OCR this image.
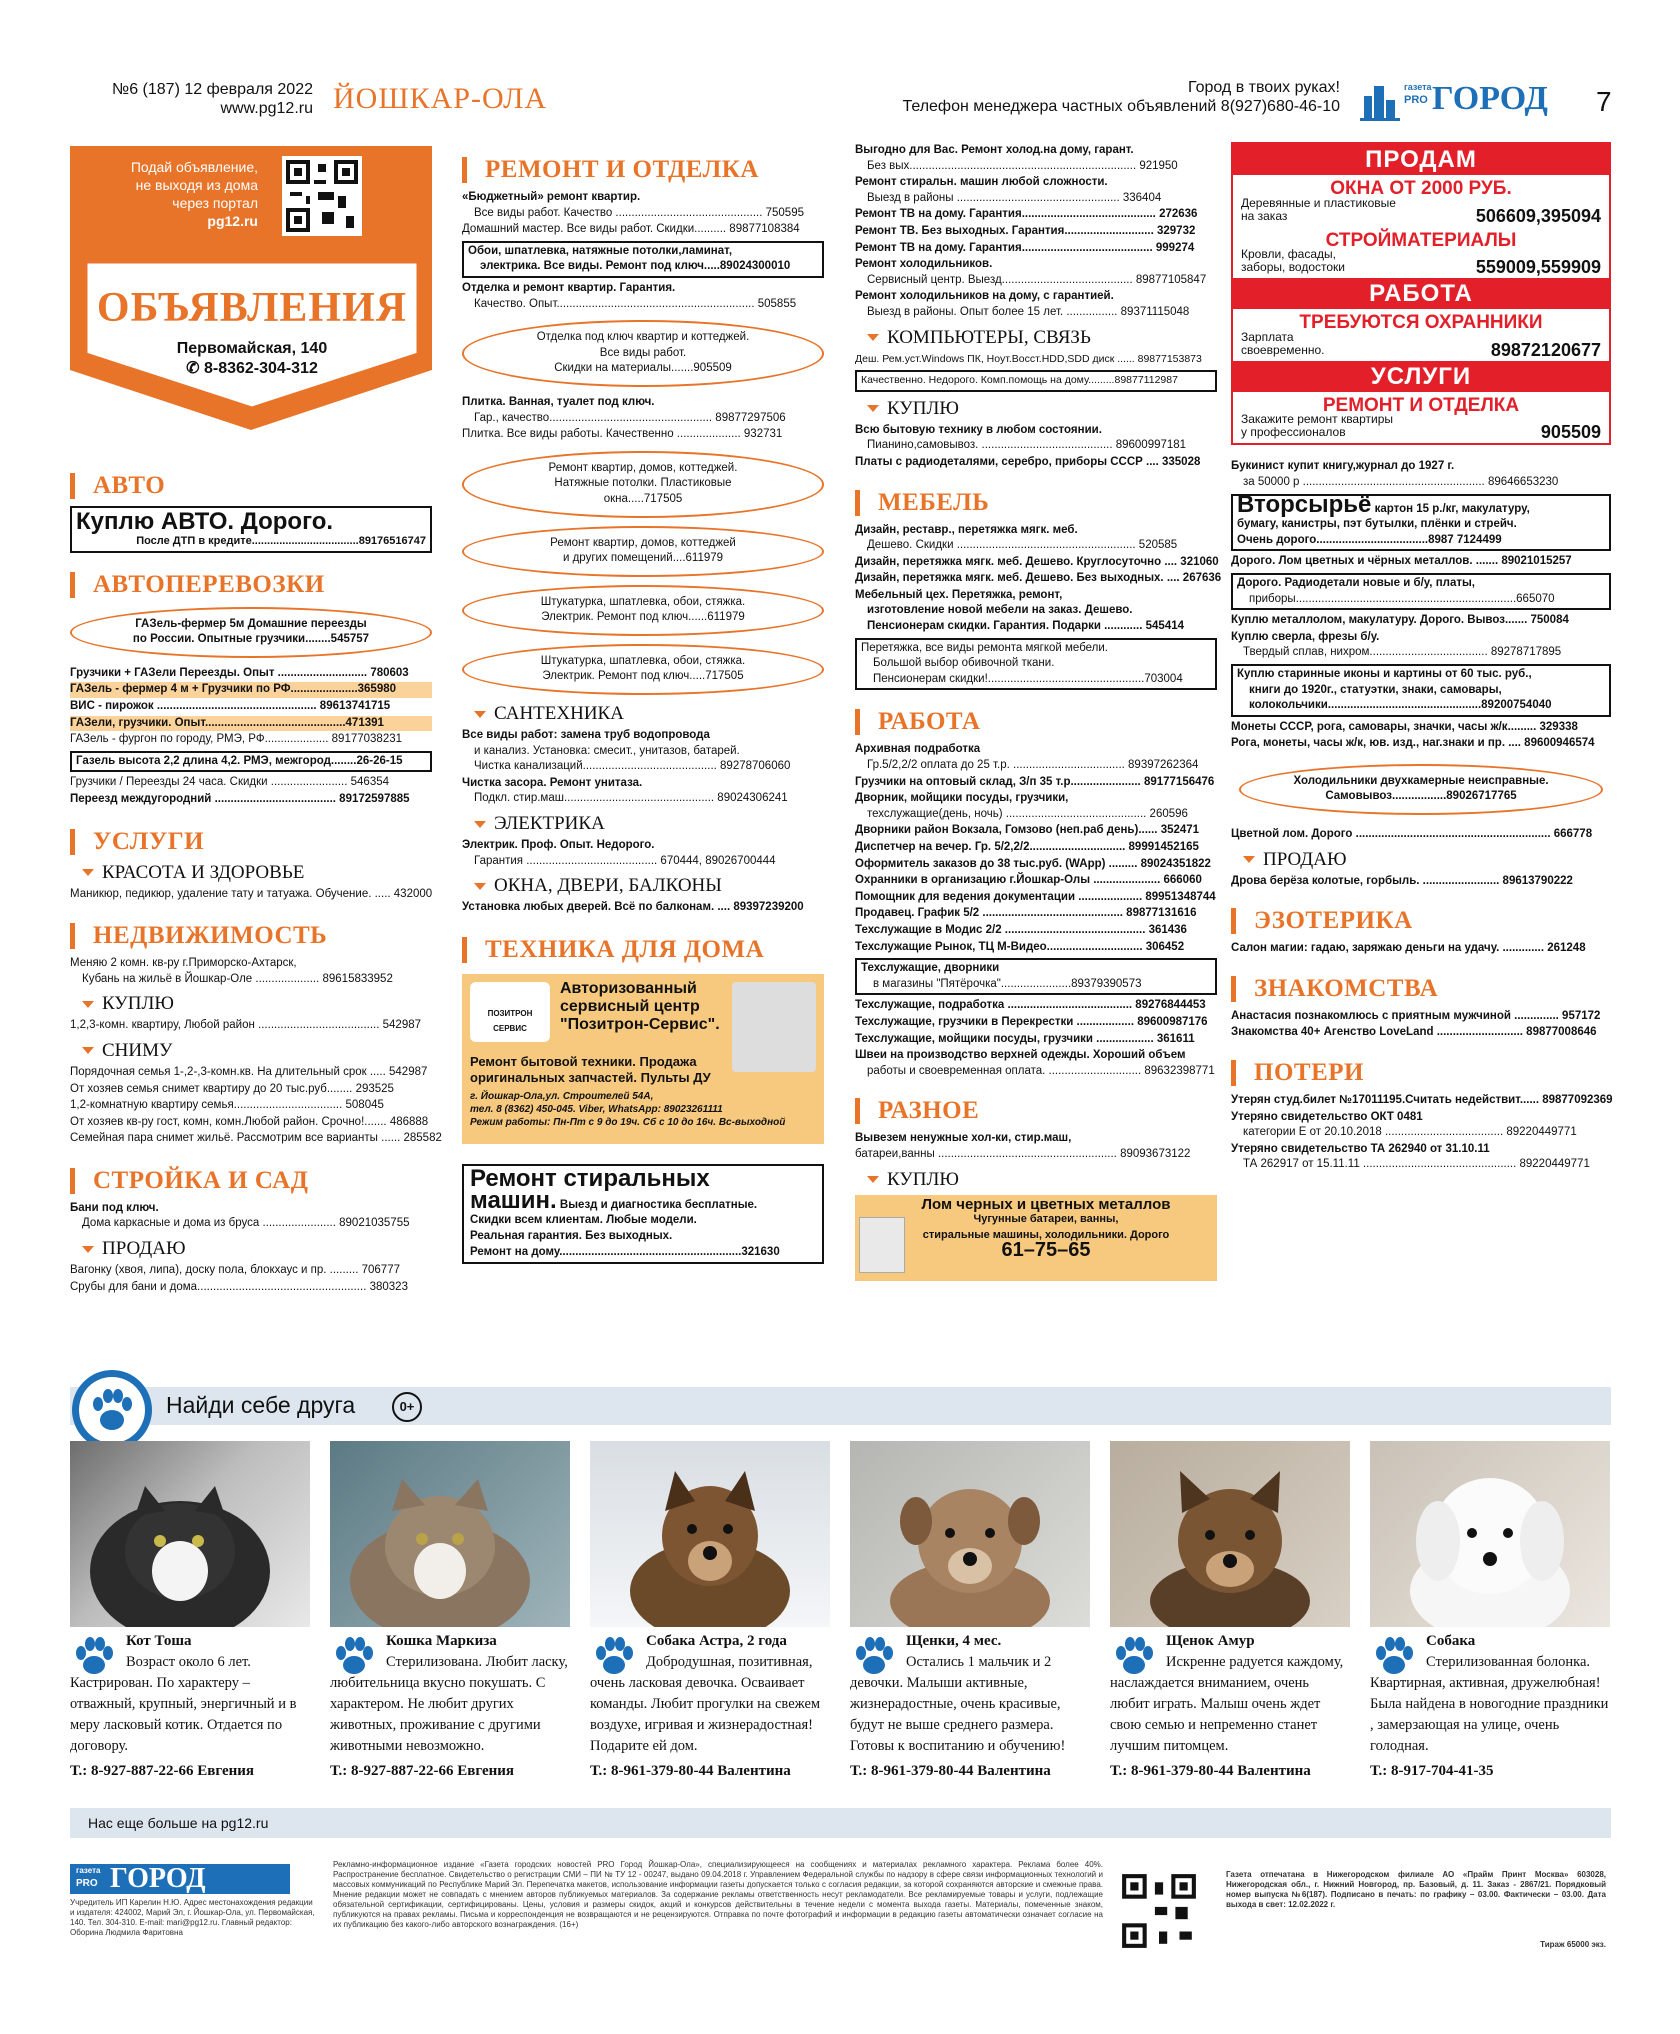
№6 (187) 12 февраля 2022
www.pg12.ru ЙОШКАР-ОЛА	Город в твоих руках!
Телефон менеджера частных объявлений 8(927)680-46-10
газета
PRO ГОРОД 7
Подай объявление,
не выходя из дома
через портал
pg12.ru
ОБЪЯВЛЕНИЯ
Первомайская, 140
✆ 8-8362-304-312
АВТО
Куплю АВТО. Дорого.
После ДТП в кредите...................................89176516747
АВТОПЕРЕВОЗКИ
ГАЗель-фермер 5м Домашние переезды
по России. Опытные грузчики........545757
Грузчики + ГАЗели Переезды. Опыт ............................ 780603
ГАЗель - фермер 4 м + Грузчики по РФ.....................365980
ВИС - пирожок .................................................. 89613741715
ГАЗели, грузчики. Опыт............................................471391
ГАЗель - фургон по городу, РМЭ, РФ.................... 89177038231
Газель высота 2,2 длина 4,2. РМЭ, межгород........26-26-15
Грузчики / Переезды 24 часа. Скидки ........................ 546354
Переезд междугородний ...................................... 89172597885
УСЛУГИ
КРАСОТА И ЗДОРОВЬЕ
Маникюр, педикюр, удаление тату и татуажа. Обучение. ..... 432000
НЕДВИЖИМОСТЬ
Меняю 2 комн. кв-ру г.Приморско-Ахтарск,
Кубань на жильё в Йошкар-Оле .................... 89615833952
КУПЛЮ
1,2,3-комн. квартиру, Любой район ...................................... 542987
СНИМУ
Порядочная семья 1-,2-,3-комн.кв. На длительный срок ..... 542987
От хозяев семья снимет квартиру до 20 тыс.руб........ 293525
1,2-комнатную квартиру семья.................................. 508045
От хозяев кв-ру гост, комн, комн.Любой район. Срочно!....... 486888
Семейная пара снимет жильё. Рассмотрим все варианты ...... 285582
СТРОЙКА И САД
Бани под ключ.
Дома каркасные и дома из бруса ....................... 89021035755
ПРОДАЮ
Вагонку (хвоя, липа), доску пола, блокхаус и пр. ......... 706777
Срубы для бани и дома..................................................... 380323
РЕМОНТ И ОТДЕЛКА
«Бюджетный» ремонт квартир.
Все виды работ. Качество .............................................. 750595
Домашний мастер. Все виды работ. Скидки.......... 89877108384
Обои, шпатлевка, натяжные потолки,ламинат,
электрика. Все виды. Ремонт под ключ.....89024300010
Отделка и ремонт квартир. Гарантия.
Качество. Опыт.............................................................. 505855
Отделка под ключ квартир и коттеджей.
Все виды работ.
Скидки на материалы.......905509
Плитка. Ванная, туалет под ключ.
Гар., качество................................................... 89877297506
Плитка. Все виды работы. Качественно .................... 932731
Ремонт квартир, домов, коттеджей.
Натяжные потолки. Пластиковые
окна.....717505
Ремонт квартир, домов, коттеджей
и других помещений....611979
Штукатурка, шпатлевка, обои, стяжка.
Электрик. Ремонт под ключ......611979
Штукатурка, шпатлевка, обои, стяжка.
Электрик. Ремонт под ключ.....717505
САНТЕХНИКА
Все виды работ: замена труб водопровода
и канализ. Установка: смесит., унитазов, батарей.
Чистка канализаций.......................................... 89278706060
Чистка засора. Ремонт унитаза.
Подкл. стир.маш............................................... 89024306241
ЭЛЕКТРИКА
Электрик. Проф. Опыт. Недорого.
Гарантия ......................................... 670444, 89026700444
ОКНА, ДВЕРИ, БАЛКОНЫ
Установка любых дверей. Всё по балконам. .... 89397239200
ТЕХНИКА ДЛЯ ДОМА
ПОЗИТРОН СЕРВИС
Авторизованный
сервисный центр
"Позитрон-Сервис".
Ремонт бытовой техники. Продажа
оригинальных запчастей. Пульты ДУ
г. Йошкар-Ола,ул. Строителей 54А,
тел. 8 (8362) 450-045. Viber, WhatsApp: 89023261111
Режим работы: Пн-Пт с 9 до 19ч. Сб с 10 до 16ч. Вс-выходной
Ремонт стиральных
машин. Выезд и диагностика бесплатные.
Скидки всем клиентам. Любые модели.
Реальная гарантия. Без выходных.
Ремонт на дому.........................................................321630
Выгодно для Вас. Ремонт холод.на дому, гарант.
Без вых....................................................................... 921950
Ремонт стиральн. машин любой сложности.
Выезд в районы ................................................... 336404
Ремонт ТВ на дому. Гарантия.......................................... 272636
Ремонт ТВ. Без выходных. Гарантия............................ 329732
Ремонт ТВ на дому. Гарантия......................................... 999274
Ремонт холодильников.
Сервисный центр. Выезд......................................... 89877105847
Ремонт холодильников на дому, с гарантией.
Выезд в районы. Опыт более 15 лет. ................ 89371115048
КОМПЬЮТЕРЫ, СВЯЗЬ
Деш. Рем.уст.Windows ПК, Ноут.Восст.HDD,SDD диск ...... 89877153873
Качественно. Недорого. Комп.помощь на дому.........89877112987
КУПЛЮ
Всю бытовую технику в любом состоянии.
Пианино,самовывоз. ......................................... 89600997181
Платы с радиодеталями, серебро, приборы СССР .... 335028
МЕБЕЛЬ
Дизайн, реставр., перетяжка мягк. меб.
Дешево. Скидки ........................................................ 520585
Дизайн, перетяжка мягк. меб. Дешево. Круглосуточно .... 321060
Дизайн, перетяжка мягк. меб. Дешево. Без выходных. .... 267636
Мебельный цех. Перетяжка, ремонт,
изготовление новой мебели на заказ. Дешево.
Пенсионерам скидки. Гарантия. Подарки ............ 545414
Перетяжка, все виды ремонта мягкой мебели.
Большой выбор обивочной ткани.
Пенсионерам скидки!.................................................703004
РАБОТА
Архивная подработка
Гр.5/2,2/2 оплата до 25 т.р. ................................... 89397262364
Грузчики на оптовый склад, З/п 35 т.р...................... 89177156476
Дворник, мойщики посуды, грузчики,
техслужащие(день, ночь) ............................................ 260596
Дворники район Вокзала, Гомзово (неп.раб день)...... 352471
Диспетчер на вечер. Гр. 5/2,2/2.............................. 89991452165
Оформитель заказов до 38 тыс.руб. (WApp) ......... 89024351822
Охранники в организацию г.Йошкар-Олы ..................... 666060
Помощник для ведения документации .................... 89951348744
Продавец. График 5/2 ............................................ 89877131616
Техслужащие в Модис 2/2 ............................................ 361436
Техслужащие Рынок, ТЦ М-Видео.............................. 306452
Техслужащие, дворники
в магазины "Пятёрочка"......................89379390573
Техслужащие, подработка ....................................... 89276844453
Техслужащие, грузчики в Перекрестки .................. 89600987176
Техслужащие, мойщики посуды, грузчики .................. 361611
Швеи на производство верхней одежды. Хороший объем
работы и своевременная оплата. ............................. 89632398771
РАЗНОЕ
Вывезем ненужные хол-ки, стир.маш,
батареи,ванны ........................................................ 89093673122
КУПЛЮ
Лом черных и цветных металлов
Чугунные батареи, ванны,
стиральные машины, холодильники. Дорого
61–75–65
ПРОДАМ
ОКНА ОТ 2000 РУБ.
Деревянные и пластиковые
на заказ	506609,395094
СТРОЙМАТЕРИАЛЫ
Кровли, фасады,
заборы, водостоки	559009,559909
РАБОТА
ТРЕБУЮТСЯ ОХРАННИКИ
Зарплата
своевременно.	89872120677
УСЛУГИ
РЕМОНТ И ОТДЕЛКА
Закажите ремонт квартиры
у профессионалов	905509
Букинист купит книгу,журнал до 1927 г.
за 50000 р ......................................................... 89646653230
Вторсырьё картон 15 р./кг, макулатуру,
бумагу, канистры, пэт бутылки, плёнки и стрейч.
Очень дорого...................................8987 7124499
Дорого. Лом цветных и чёрных металлов. ....... 89021015257
Дорого. Радиодетали новые и б/у, платы,
приборы.....................................................................665070
Куплю металлолом, макулатуру. Дорого. Вывоз....... 750084
Куплю сверла, фрезы б/у.
Твердый сплав, нихром..................................... 89278717895
Куплю старинные иконы и картины от 60 тыс. руб.,
книги до 1920г., статуэтки, знаки, самовары,
колокольчики................................................89200754040
Монеты СССР, рога, самовары, значки, часы ж/к......... 329338
Рога, монеты, часы ж/к, юв. изд., наг.знаки и пр. .... 89600946574
Холодильники двухкамерные неисправные.
Самовывоз.................89026717765
Цветной лом. Дорого ............................................................. 666778
ПРОДАЮ
Дрова берёза колотые, горбыль. ........................ 89613790222
ЭЗОТЕРИКА
Салон магии: гадаю, заряжаю деньги на удачу. ............. 261248
ЗНАКОМСТВА
Анастасия познакомлюсь с приятным мужчиной .............. 957172
Знакомства 40+ Агенство LoveLand ........................... 89877008646
ПОТЕРИ
Утерян студ.билет №17011195.Считать недействит...... 89877092369
Утеряно свидетельство ОКТ 0481
категории Е от 20.10.2018 ..................................... 89220449771
Утеряно свидетельство ТА 262940 от 31.10.11
ТА 262917 от 15.11.11 ................................................ 89220449771
Найди себе друга	0+
Кот Тоша
Возраст около 6 лет. Кастрирован. По характеру – отважный, крупный, энергичный и в меру ласковый котик. Отдается по договору.
Т.: 8-927-887-22-66 Евгения
Кошка Маркиза
Стерилизована. Любит ласку, любительница вкусно покушать. С характером. Не любит других животных, проживание с другими животными невозможно.
Т.: 8-927-887-22-66 Евгения
Собака Астра, 2 года
Добродушная, позитивная, очень ласковая девочка. Осваивает команды. Любит прогулки на свежем воздухе, игривая и жизнерадостная! Подарите ей дом.
Т.: 8-961-379-80-44 Валентина
Щенки, 4 мес.
Остались 1 мальчик и 2 девочки. Малыши активные, жизнерадостные, очень красивые, будут не выше среднего размера. Готовы к воспитанию и обучению!
Т.: 8-961-379-80-44 Валентина
Щенок Амур
Искренне радуется каждому, наслаждается вниманием, очень любит играть. Малыш очень ждет свою семью и непременно станет лучшим питомцем.
Т.: 8-961-379-80-44 Валентина
Собака
Стерилизованная болонка. Квартирная, активная, дружелюбная! Была найдена в новогодние праздники , замерзающая на улице, очень голодная.
Т.: 8-917-704-41-35
Нас еще больше на pg12.ru
газета
PRO ГОРОД
Учредитель ИП Карелин Н.Ю. Адрес местонахождения редакции и издателя: 424002, Марий Эл, г. Йошкар-Ола, ул. Первомайская, 140. Тел. 304-310. E-mail: mari@pg12.ru. Главный редактор: Оборина Людмила Фаритовна
Рекламно-информационное издание «Газета городских новостей PRO Город Йошкар-Ола», специализирующееся на сообщениях и материалах рекламного характера. Реклама более 40%. Распространение бесплатное. Свидетельство о регистрации СМИ – ПИ № ТУ 12 - 00247, выдано 09.04.2018 г. Управлением Федеральной службы по надзору в сфере связи информационных технологий и массовых коммуникаций по Республике Марий Эл. Перепечатка макетов, использование информации газеты допускается только с согласия редакции, за которой сохраняются авторские и смежные права. Мнение редакции может не совпадать с мнением авторов публикуемых материалов. За содержание рекламы ответственность несут рекламодатели. Все рекламируемые товары и услуги, подлежащие обязательной сертификации, сертифицированы. Цены, условия и размеры скидок, акций и конкурсов действительны в течение недели с момента выхода газеты. Материалы, помеченные знаком, публикуются на правах рекламы. Письма и корреспонденция не возвращаются и не рецензируются. Отправка по почте фотографий и информации в редакцию газеты автоматически означает согласие на их публикацию без какого-либо авторского вознаграждения. (16+)
Газета отпечатана в Нижегородском филиале АО «Прайм Принт Москва» 603028, Нижегородская обл., г. Нижний Новгород, пр. Базовый, д. 11. Заказ - 2867/21. Порядковый номер выпуска №6(187). Подписано в печать: по графику – 03.00. Фактически – 03.00. Дата выхода в свет: 12.02.2022 г.
Тираж 65000 экз.
